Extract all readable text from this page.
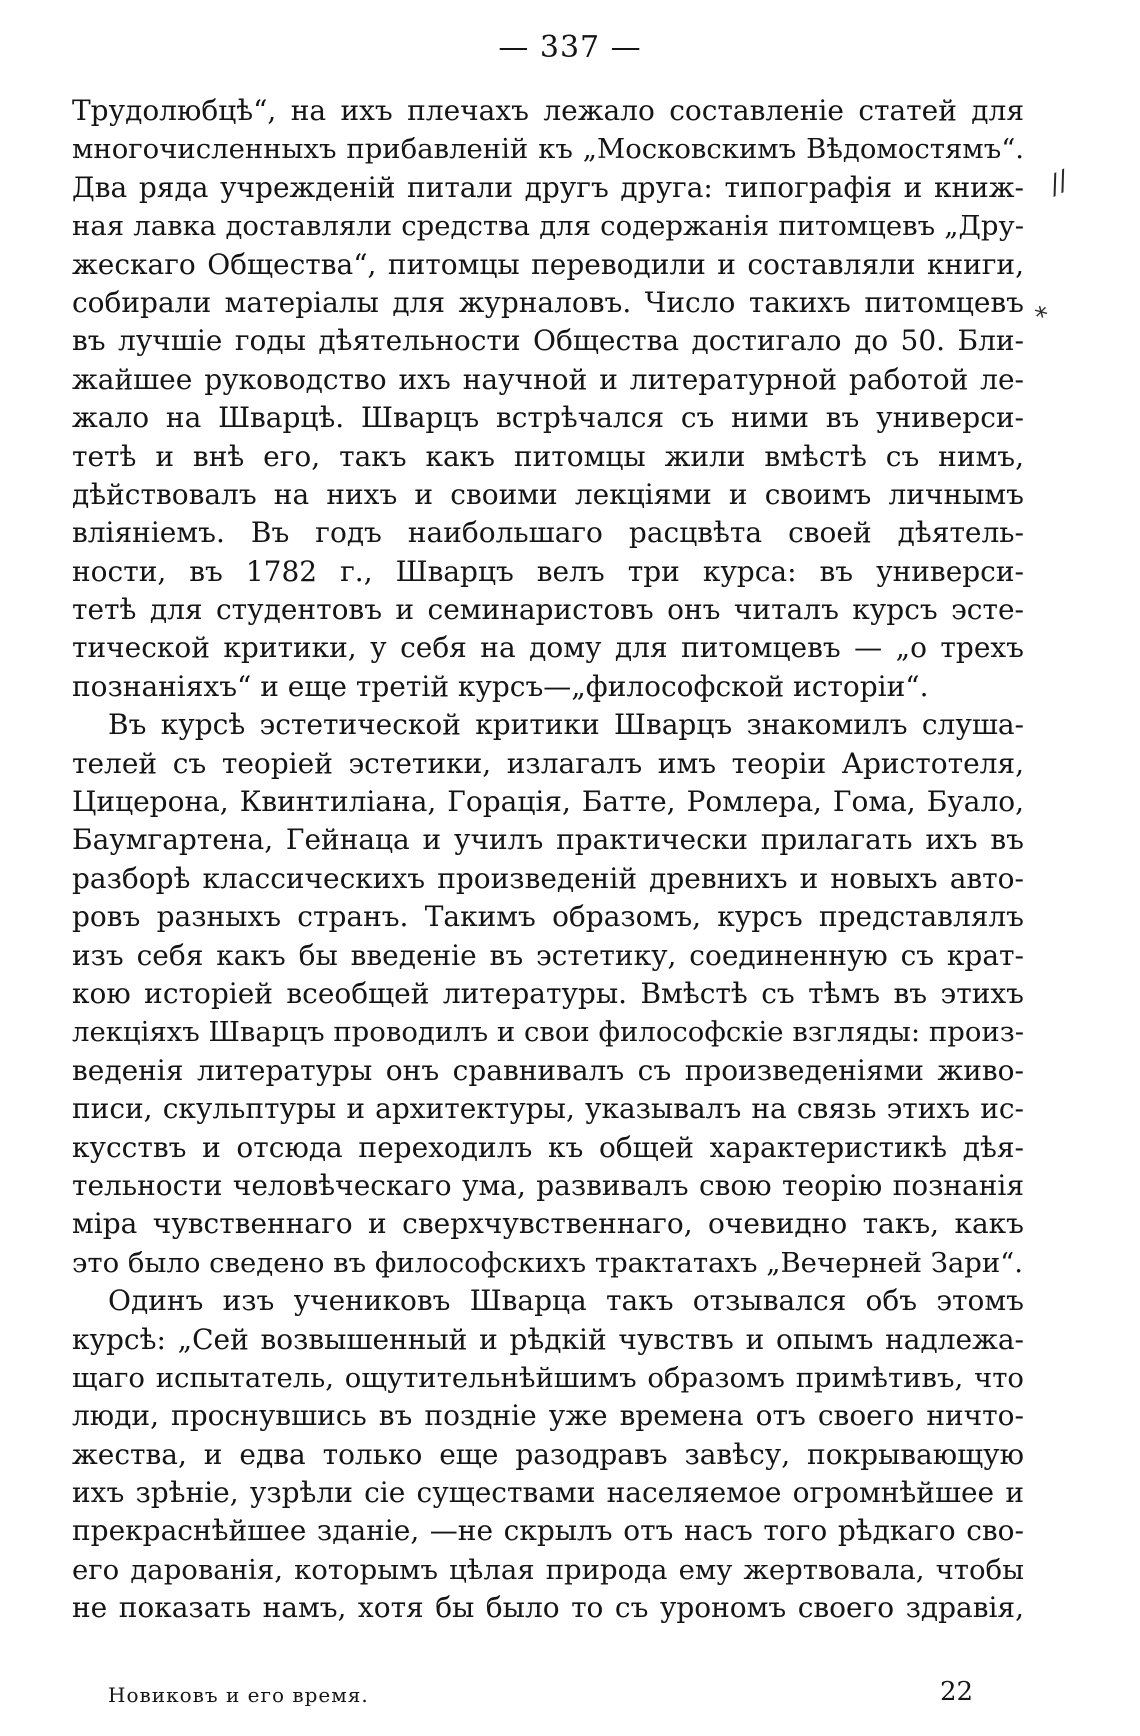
— 337 —
Трудолюбцѣ“, на ихъ плечахъ лежало составленіе статей для
многочисленныхъ прибавленій къ „Московскимъ Вѣдомостямъ“.
Два ряда учрежденій питали другъ друга: типографія и книж-
ная лавка доставляли средства для содержанія питомцевъ „Дру-
жескаго Общества“, питомцы переводили и составляли книги,
собирали матеріалы для журналовъ. Число такихъ питомцевъ
въ лучшіе годы дѣятельности Общества достигало до 50. Бли-
жайшее руководство ихъ научной и литературной работой ле-
жало на Шварцѣ. Шварцъ встрѣчался съ ними въ универси-
тетѣ и внѣ его, такъ какъ питомцы жили вмѣстѣ съ нимъ,
дѣйствовалъ на нихъ и своими лекціями и своимъ личнымъ
вліяніемъ. Въ годъ наибольшаго расцвѣта своей дѣятель-
ности, въ 1782 г., Шварцъ велъ три курса: въ универси-
тетѣ для студентовъ и семинаристовъ онъ читалъ курсъ эсте-
тической критики, у себя на дому для питомцевъ — „о трехъ
познаніяхъ“ и еще третій курсъ—„философской исторіи“.
Въ курсѣ эстетической критики Шварцъ знакомилъ слуша-
телей съ теоріей эстетики, излагалъ имъ теоріи Аристотеля,
Цицерона, Квинтиліана, Горація, Батте, Ромлера, Гома, Буало,
Баумгартена, Гейнаца и училъ практически прилагать ихъ въ
разборѣ классическихъ произведеній древнихъ и новыхъ авто-
ровъ разныхъ странъ. Такимъ образомъ, курсъ представлялъ
изъ себя какъ бы введеніе въ эстетику, соединенную съ крат-
кою исторіей всеобщей литературы. Вмѣстѣ съ тѣмъ въ этихъ
лекціяхъ Шварцъ проводилъ и свои философскіе взгляды: произ-
веденія литературы онъ сравнивалъ съ произведеніями живо-
писи, скульптуры и архитектуры, указывалъ на связь этихъ ис-
кусствъ и отсюда переходилъ къ общей характеристикѣ дѣя-
тельности человѣческаго ума, развивалъ свою теорію познанія
міра чувственнаго и сверхчувственнаго, очевидно такъ, какъ
это было сведено въ философскихъ трактатахъ „Вечерней Зари“.
Одинъ изъ учениковъ Шварца такъ отзывался объ этомъ
курсѣ: „Сей возвышенный и рѣдкій чувствъ и опымъ надлежа-
щаго испытатель, ощутительнѣйшимъ образомъ примѣтивъ, что
люди, проснувшись въ поздніе уже времена отъ своего ничто-
жества, и едва только еще разодравъ завѣсу, покрывающую
ихъ зрѣніе, узрѣли сіе существами населяемое огромнѣйшее и
прекраснѣйшее зданіе, —не скрылъ отъ насъ того рѣдкаго сво-
его дарованія, которымъ цѣлая природа ему жертвовала, чтобы
не показать намъ, хотя бы было то съ урономъ своего здравія,
//
*
Новиковъ и его время.	22
